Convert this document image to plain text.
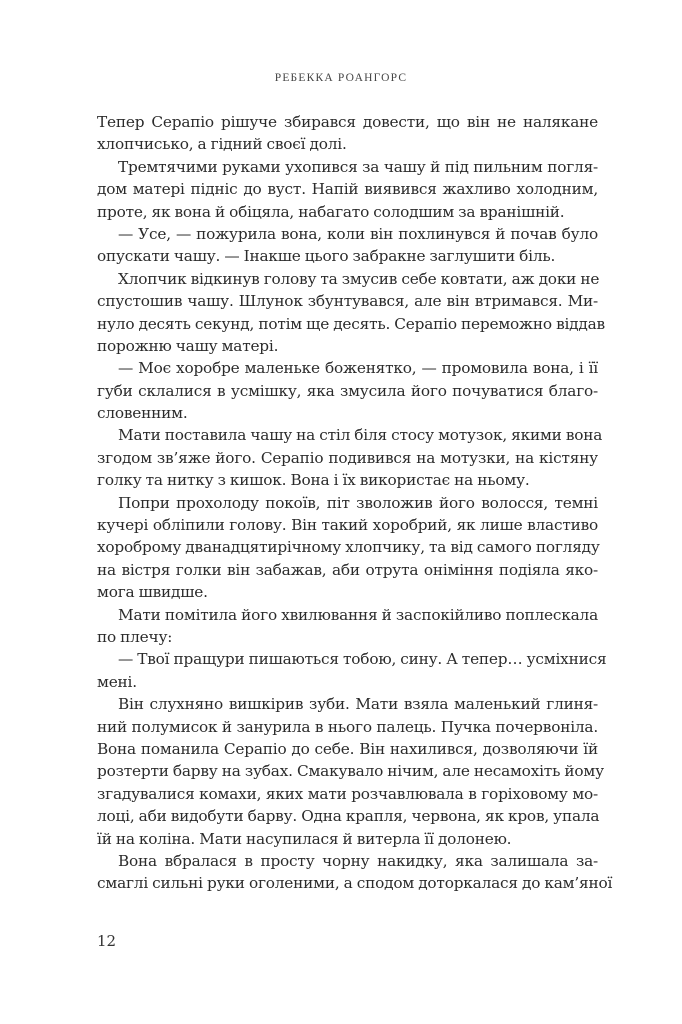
РЕБЕККА РОАНГОРС
Тепер Серапіо рішуче збирався довести, що він не налякане
хлопчисько, а гідний своєї долі.
Тремтячими руками ухопився за чашу й під пильним погля-
дом матері підніс до вуст. Напій виявився жахливо холодним,
проте, як вона й обіцяла, набагато солодшим за вранішній.
— Усе, — пожурила вона, коли він похлинувся й почав було
опускати чашу. — Інакше цього забракне заглушити біль.
Хлопчик відкинув голову та змусив себе ковтати, аж доки не
спустошив чашу. Шлунок збунтувався, але він втримався. Ми-
нуло десять секунд, потім ще десять. Серапіо переможно віддав
порожню чашу матері.
— Моє хоробре маленьке боженятко, — промовила вона, і її
губи склалися в усмішку, яка змусила його почуватися благо-
словенним.
Мати поставила чашу на стіл біля стосу мотузок, якими вона
згодом зв’яже його. Серапіо подивився на мотузки, на кістяну
голку та нитку з кишок. Вона і їх використає на ньому.
Попри прохолоду покоїв, піт зволожив його волосся, темні
кучері обліпили голову. Він такий хоробрий, як лише властиво
хороброму дванадцятирічному хлопчику, та від самого погляду
на вістря голки він забажав, аби отрута оніміння подіяла яко-
мога швидше.
Мати помітила його хвилювання й заспокійливо поплескала
по плечу:
— Твої пращури пишаються тобою, сину. А тепер… усміхнися
мені.
Він слухняно вишкірив зуби. Мати взяла маленький глиня-
ний полумисок й занурила в нього палець. Пучка почервоніла.
Вона поманила Серапіо до себе. Він нахилився, дозволяючи їй
розтерти барву на зубах. Смакувало нічим, але несамохіть йому
згадувалися комахи, яких мати розчавлювала в горіховому мо-
лоці, аби видобути барву. Одна крапля, червона, як кров, упала
їй на коліна. Мати насупилася й витерла її долонею.
Вона вбралася в просту чорну накидку, яка залишала за-
смаглі сильні руки оголеними, а сподом доторкалася до кам’яної
12
